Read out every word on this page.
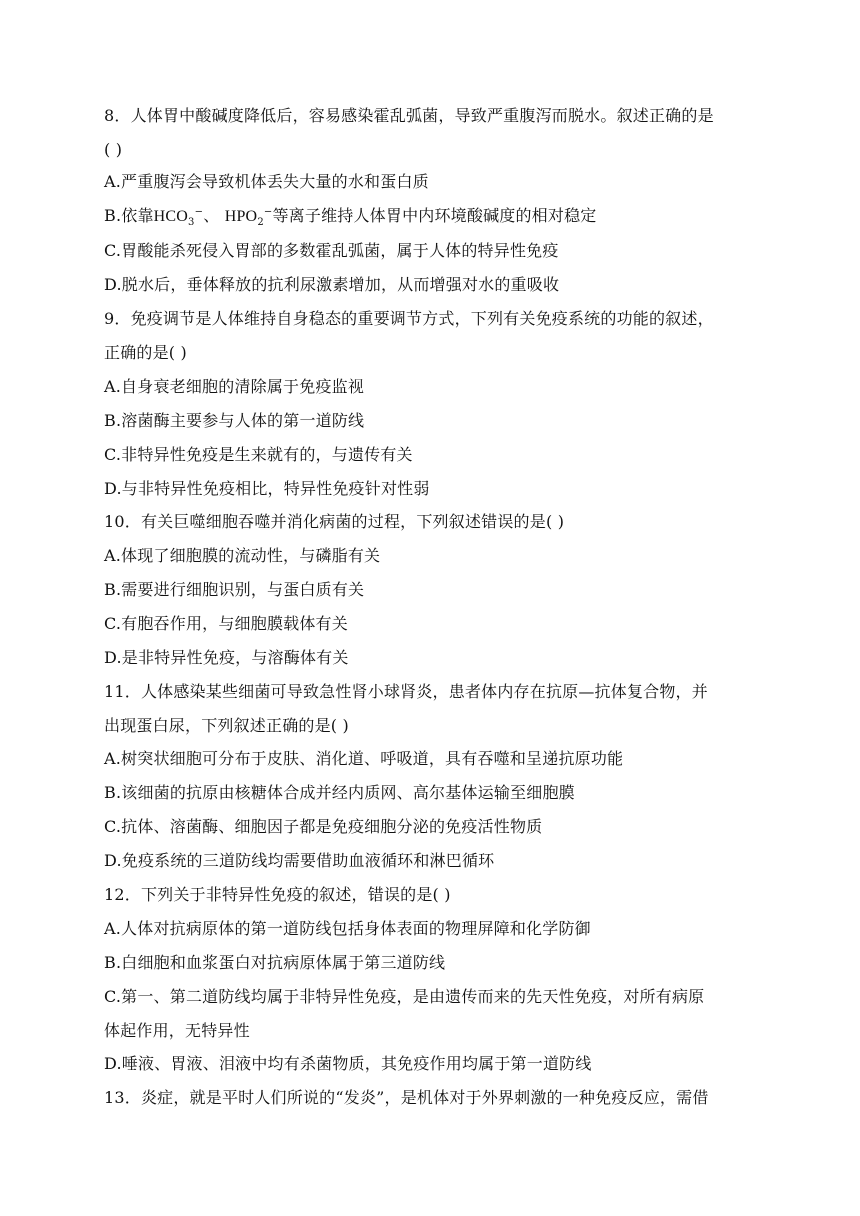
8．人体胃中酸碱度降低后，容易感染霍乱弧菌，导致严重腹泻而脱水。叙述正确的是
( )
A.严重腹泻会导致机体丢失大量的水和蛋白质
B.依靠$HCO_3^-$、 $HPO_2^-$等离子维持人体胃中内环境酸碱度的相对稳定
C.胃酸能杀死侵入胃部的多数霍乱弧菌，属于人体的特异性免疫
D.脱水后，垂体释放的抗利尿激素增加，从而增强对水的重吸收
9．免疫调节是人体维持自身稳态的重要调节方式，下列有关免疫系统的功能的叙述，
正确的是( )
A.自身衰老细胞的清除属于免疫监视
B.溶菌酶主要参与人体的第一道防线
C.非特异性免疫是生来就有的，与遗传有关
D.与非特异性免疫相比，特异性免疫针对性弱
10．有关巨噬细胞吞噬并消化病菌的过程，下列叙述错误的是( )
A.体现了细胞膜的流动性，与磷脂有关
B.需要进行细胞识别，与蛋白质有关
C.有胞吞作用，与细胞膜载体有关
D.是非特异性免疫，与溶酶体有关
11．人体感染某些细菌可导致急性肾小球肾炎，患者体内存在抗原—抗体复合物，并
出现蛋白尿，下列叙述正确的是( )
A.树突状细胞可分布于皮肤、消化道、呼吸道，具有吞噬和呈递抗原功能
B.该细菌的抗原由核糖体合成并经内质网、高尔基体运输至细胞膜
C.抗体、溶菌酶、细胞因子都是免疫细胞分泌的免疫活性物质
D.免疫系统的三道防线均需要借助血液循环和淋巴循环
12．下列关于非特异性免疫的叙述，错误的是( )
A.人体对抗病原体的第一道防线包括身体表面的物理屏障和化学防御
B.白细胞和血浆蛋白对抗病原体属于第三道防线
C.第一、第二道防线均属于非特异性免疫，是由遗传而来的先天性免疫，对所有病原
体起作用，无特异性
D.唾液、胃液、泪液中均有杀菌物质，其免疫作用均属于第一道防线
13．炎症，就是平时人们所说的“发炎”，是机体对于外界刺激的一种免疫反应，需借
